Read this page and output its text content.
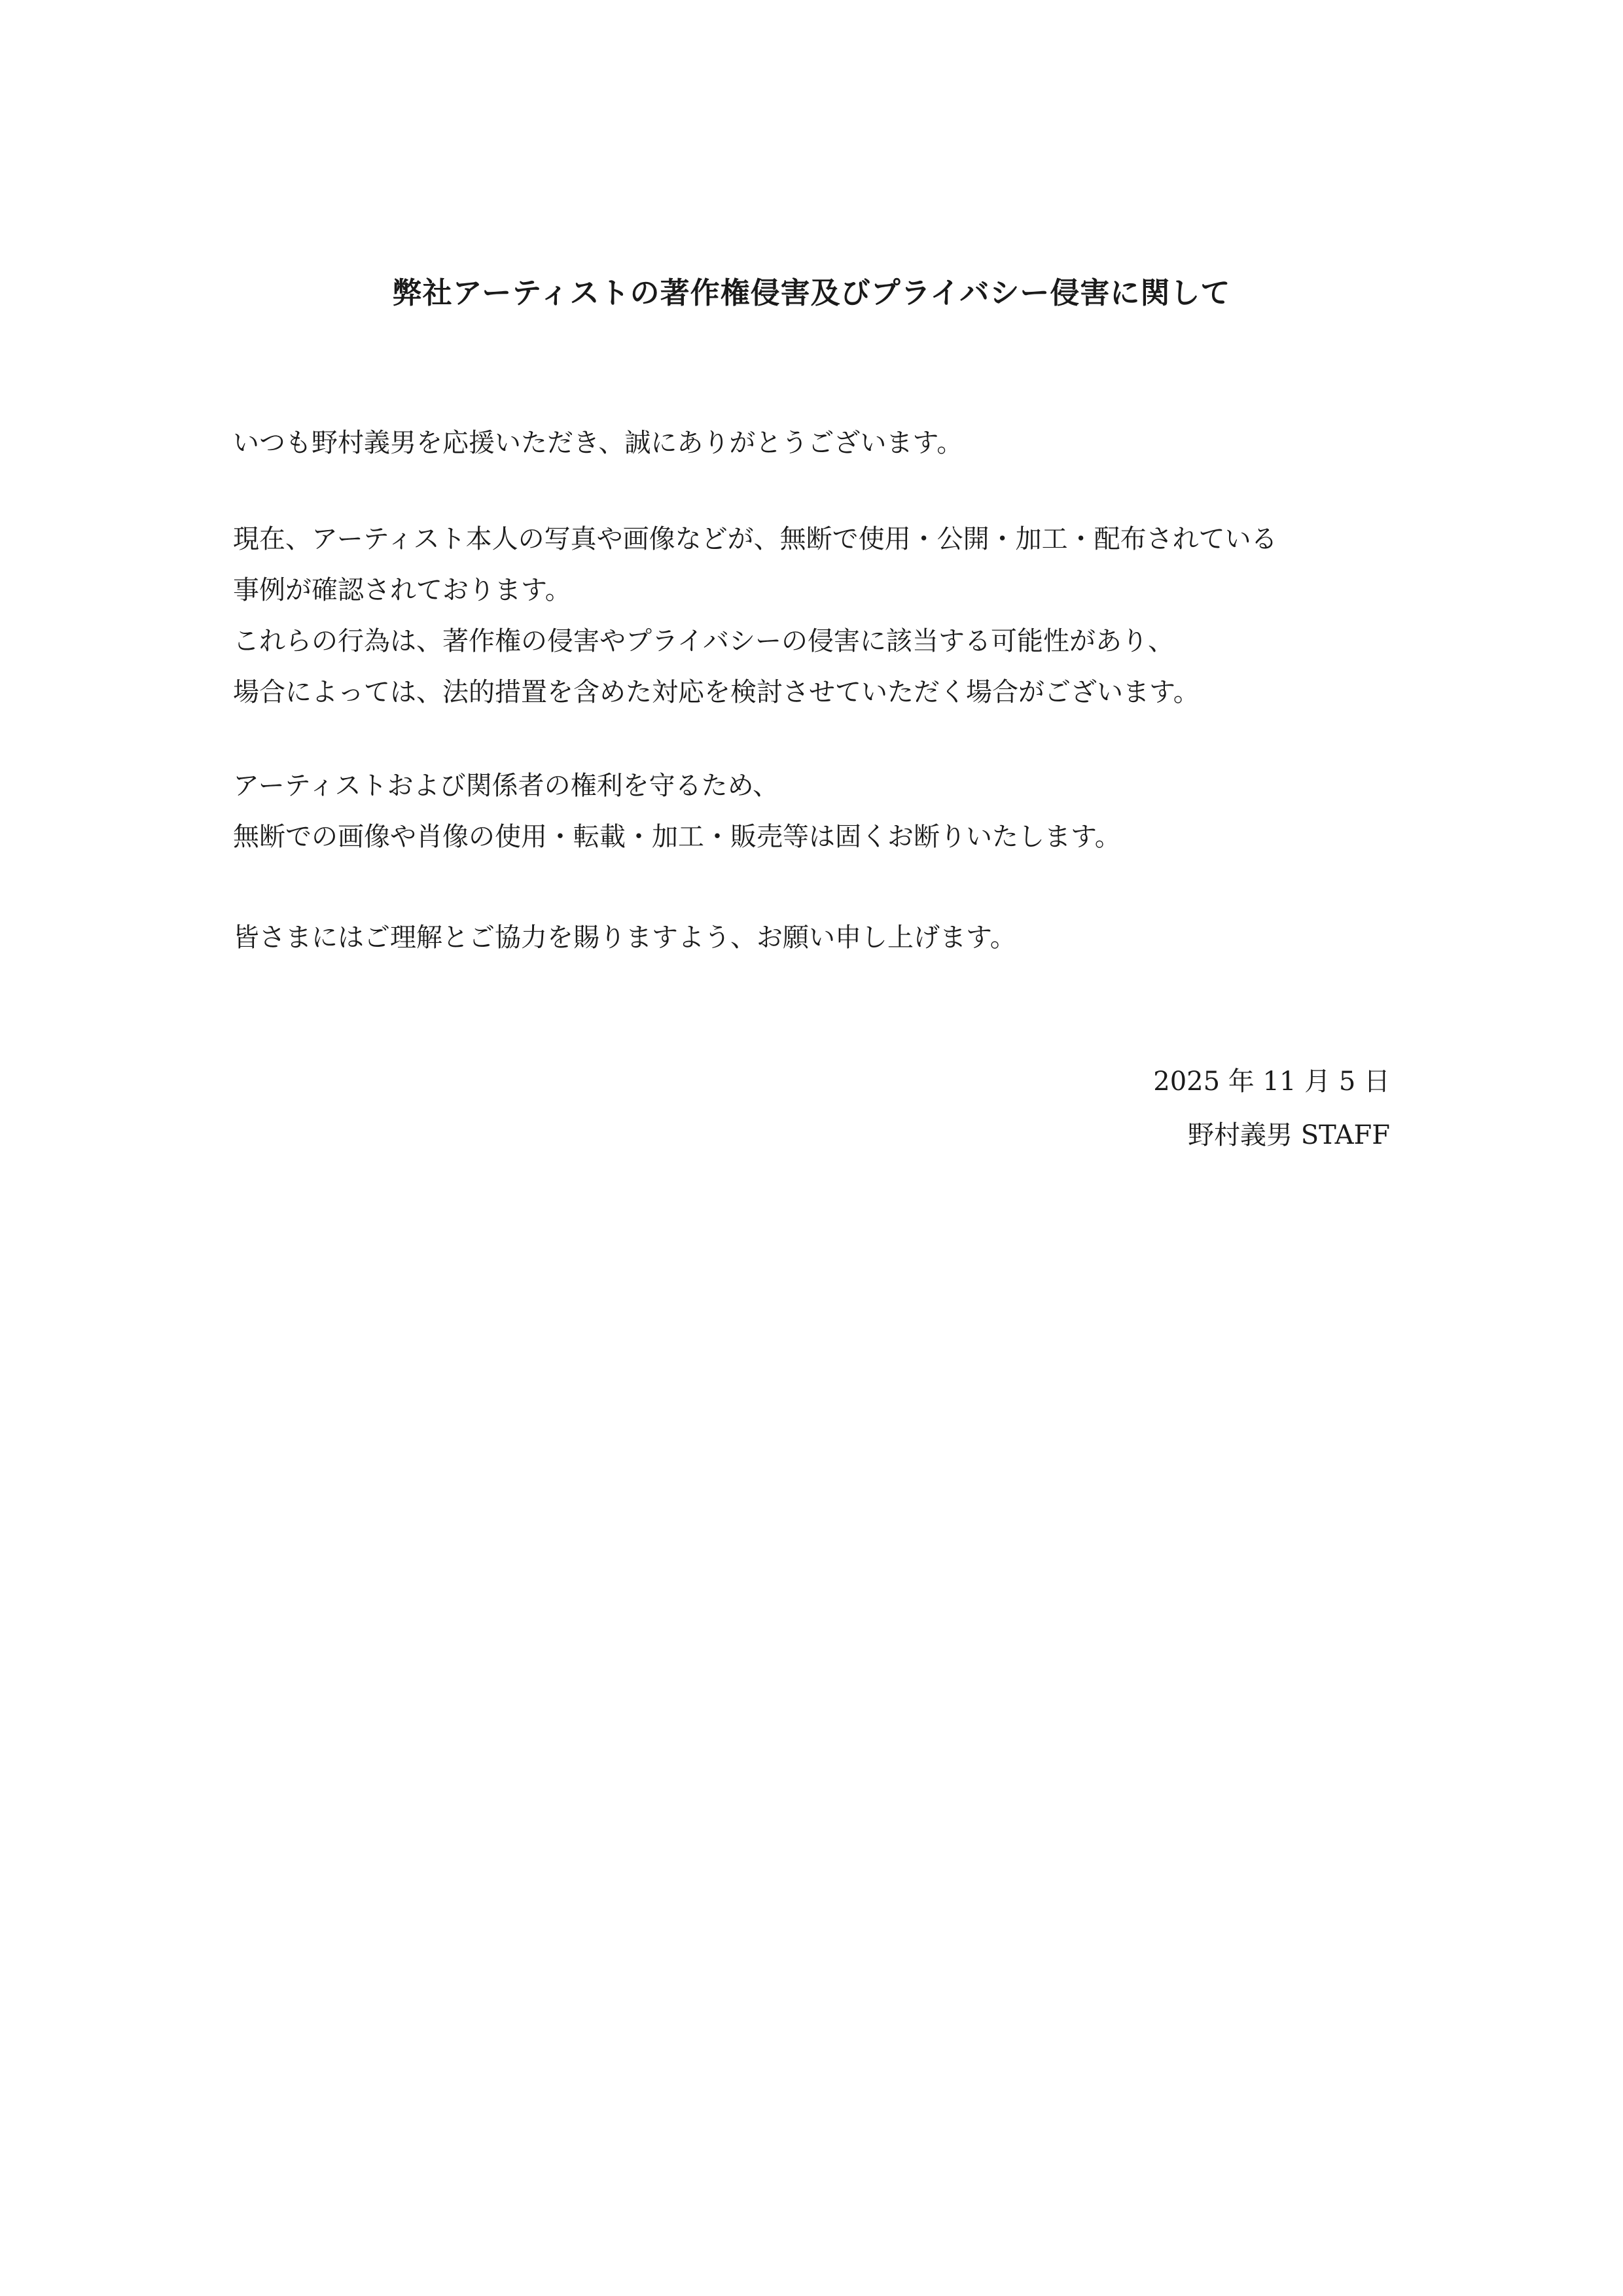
弊社アーティストの著作権侵害及びプライバシー侵害に関して
いつも野村義男を応援いただき、誠にありがとうございます。
現在、アーティスト本人の写真や画像などが、無断で使用・公開・加工・配布されている
事例が確認されております。
これらの行為は、著作権の侵害やプライバシーの侵害に該当する可能性があり、
場合によっては、法的措置を含めた対応を検討させていただく場合がございます。
アーティストおよび関係者の権利を守るため、
無断での画像や肖像の使用・転載・加工・販売等は固くお断りいたします。
皆さまにはご理解とご協力を賜りますよう、お願い申し上げます。
2025 年 11 月 5 日
野村義男 STAFF
